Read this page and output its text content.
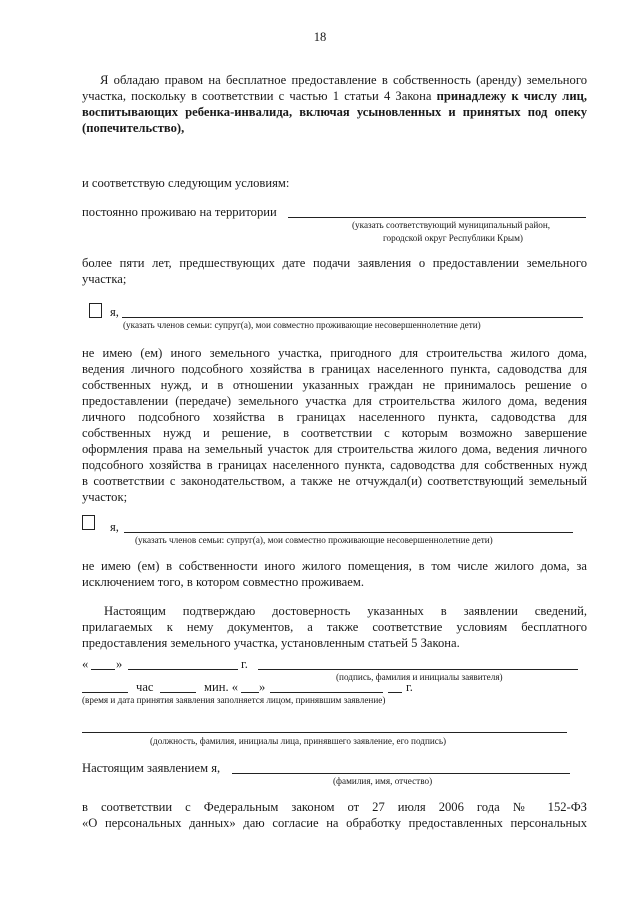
18
Я обладаю правом на бесплатное предоставление в собственность (аренду) земельного
участка, поскольку в соответствии с частью 1 статьи 4 Закона принадлежу к числу лиц,
воспитывающих ребенка-инвалида, включая усыновленных и принятых под опеку
(попечительство),
и соответствую следующим условиям:
постоянно проживаю на территории
(указать соответствующий муниципальный район,
городской округ Республики Крым)
более пяти лет, предшествующих дате подачи заявления о предоставлении земельного
участка;
я,
(указать членов семьи: супруг(а), мои совместно проживающие несовершеннолетние дети)
не имею (ем) иного земельного участка, пригодного для строительства жилого дома,
ведения личного подсобного хозяйства в границах населенного пункта, садоводства для
собственных нужд, и в отношении указанных граждан не принималось решение о
предоставлении (передаче) земельного участка для строительства жилого дома, ведения
личного подсобного хозяйства в границах населенного пункта, садоводства для
собственных нужд и решение, в соответствии с которым возможно завершение
оформления права на земельный участок для строительства жилого дома, ведения личного
подсобного хозяйства в границах населенного пункта, садоводства для собственных нужд
в соответствии с законодательством, а также не отчуждал(и) соответствующий земельный
участок;
я,
(указать членов семьи: супруг(а), мои совместно проживающие несовершеннолетние дети)
не имею (ем) в собственности иного жилого помещения, в том числе жилого дома, за
исключением того, в котором совместно проживаем.
Настоящим подтверждаю достоверность указанных в заявлении сведений,
прилагаемых к нему документов, а также соответствие условиям бесплатного
предоставления земельного участка, установленным статьей 5 Закона.
« »	г.
(подпись, фамилия и инициалы заявителя)
час	мин. « »	г.
(время и дата принятия заявления заполняется лицом, принявшим заявление)
(должность, фамилия, инициалы лица, принявшего заявление, его подпись)
Настоящим заявлением я,
(фамилия, имя, отчество)
в соответствии с Федеральным законом от 27 июля 2006 года № 152-ФЗ
«О персональных данных» даю согласие на обработку предоставленных персональных
